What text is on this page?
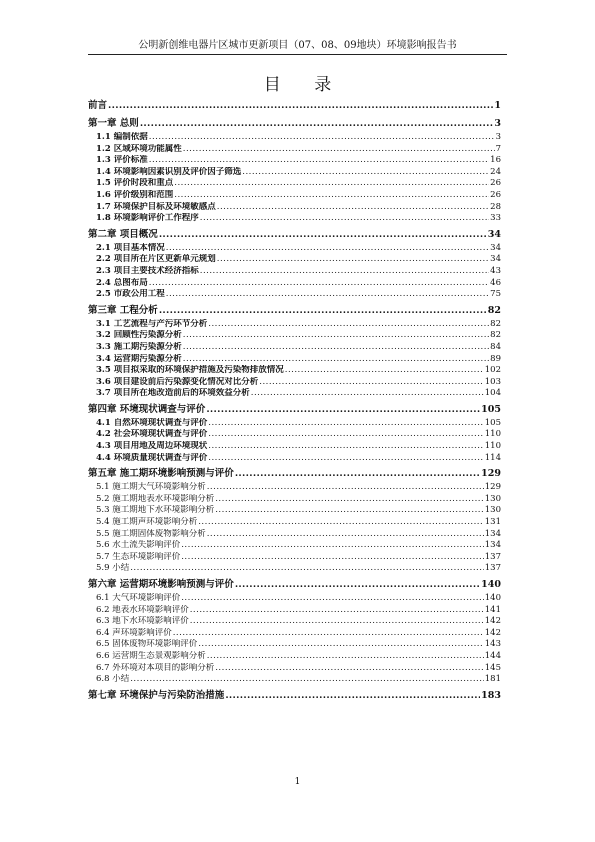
公明新创维电器片区城市更新项目（07、08、09地块）环境影响报告书
目 录
前言 .....	1
第一章 总则 .....	3
1.1 编制依据 .....	3
1.2 区域环境功能属性 .....	7
1.3 评价标准 .....	16
1.4 环境影响因素识别及评价因子筛选 .....	24
1.5 评价时段和重点 .....	26
1.6 评价级别和范围 .....	26
1.7 环境保护目标及环境敏感点 .....	28
1.8 环境影响评价工作程序 .....	33
第二章 项目概况 .....	34
2.1 项目基本情况 .....	34
2.2 项目所在片区更新单元规划 .....	34
2.3 项目主要技术经济指标 .....	43
2.4 总图布局 .....	46
2.5 市政公用工程 .....	75
第三章 工程分析 .....	82
3.1 工艺流程与产污环节分析 .....	82
3.2 回顾性污染源分析 .....	82
3.3 施工期污染源分析 .....	84
3.4 运营期污染源分析 .....	89
3.5 项目拟采取的环境保护措施及污染物排放情况 .....	102
3.6 项目建设前后污染源变化情况对比分析 .....	103
3.7 项目所在地改造前后的环境效益分析 .....	104
第四章 环境现状调查与评价 .....	105
4.1 自然环境现状调查与评价 .....	105
4.2 社会环境现状调查与评价 .....	110
4.3 项目用地及周边环境现状 .....	110
4.4 环境质量现状调查与评价 .....	114
第五章 施工期环境影响预测与评价 .....	129
5.1 施工期大气环境影响分析 .....	129
5.2 施工期地表水环境影响分析 .....	130
5.3 施工期地下水环境影响分析 .....	130
5.4 施工期声环境影响分析 .....	131
5.5 施工期固体废物影响分析 .....	134
5.6 水土流失影响评价 .....	134
5.7 生态环境影响评价 .....	137
5.9 小结 .....	137
第六章 运营期环境影响预测与评价 .....	140
6.1 大气环境影响评价 .....	140
6.2 地表水环境影响评价 .....	141
6.3 地下水环境影响评价 .....	142
6.4 声环境影响评价 .....	142
6.5 固体废物环境影响评价 .....	143
6.6 运营期生态景观影响分析 .....	144
6.7 外环境对本项目的影响分析 .....	145
6.8 小结 .....	181
第七章 环境保护与污染防治措施 .....	183
1
